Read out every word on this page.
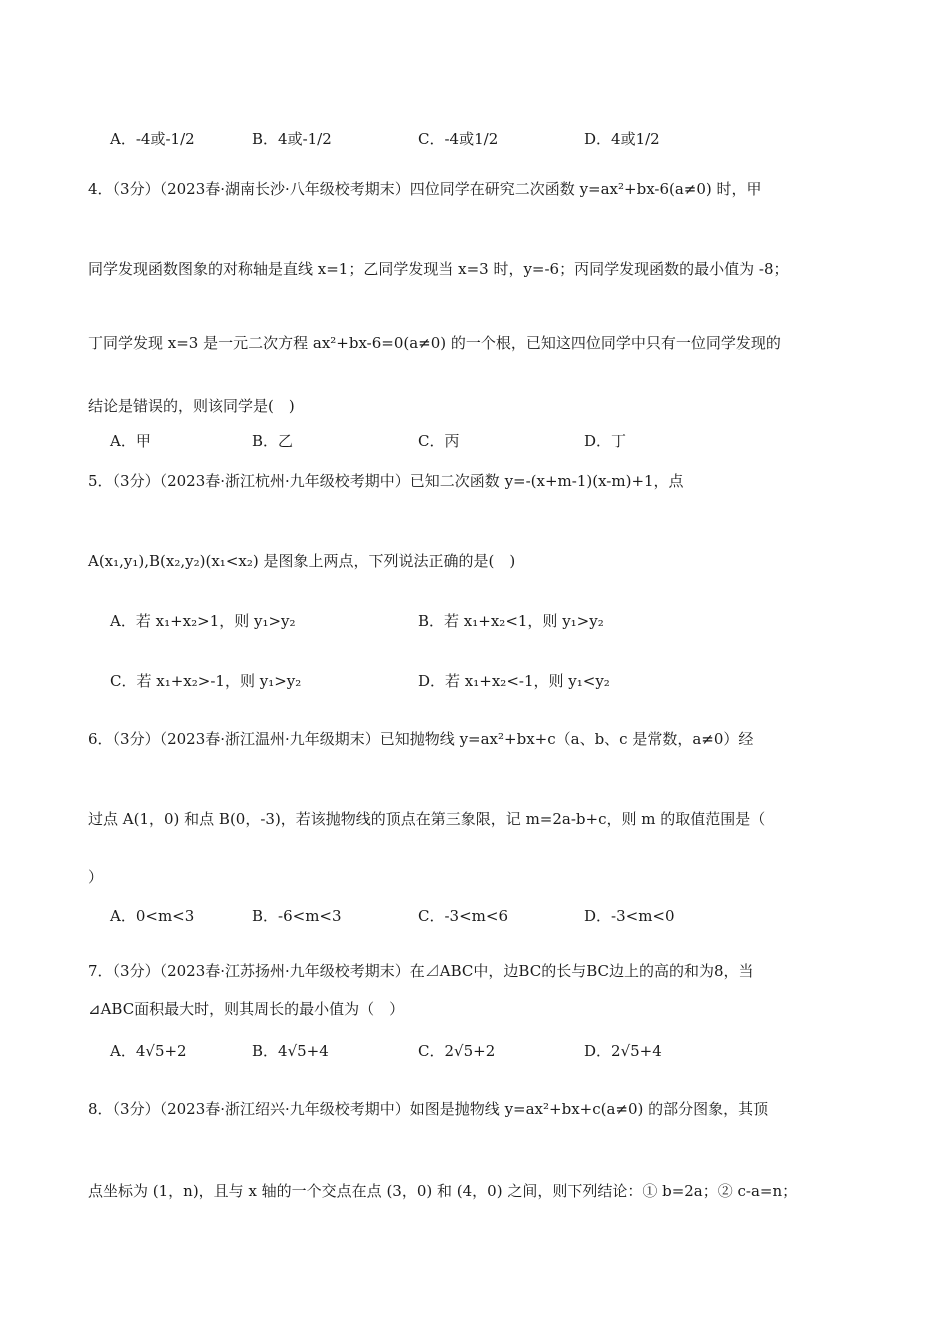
A．-4或-1/2	B．4或-1/2	C．-4或1/2	D．4或1/2
4．（3分）（2023春·湖南长沙·八年级校考期末）四位同学在研究二次函数 y=ax²+bx-6(a≠0) 时，甲
同学发现函数图象的对称轴是直线 x=1；乙同学发现当 x=3 时，y=-6；丙同学发现函数的最小值为 -8；
丁同学发现 x=3 是一元二次方程 ax²+bx-6=0(a≠0) 的一个根，已知这四位同学中只有一位同学发现的
结论是错误的，则该同学是(　)
A．甲	B．乙	C．丙	D．丁
5．（3分）（2023春·浙江杭州·九年级校考期中）已知二次函数 y=-(x+m-1)(x-m)+1，点
A(x₁,y₁),B(x₂,y₂)(x₁<x₂) 是图象上两点，下列说法正确的是(　)
A．若 x₁+x₂>1，则 y₁>y₂	B．若 x₁+x₂<1，则 y₁>y₂
C．若 x₁+x₂>-1，则 y₁>y₂	D．若 x₁+x₂<-1，则 y₁<y₂
6．（3分）（2023春·浙江温州·九年级期末）已知抛物线 y=ax²+bx+c（a、b、c 是常数，a≠0）经
过点 A(1，0) 和点 B(0，-3)，若该抛物线的顶点在第三象限，记 m=2a-b+c，则 m 的取值范围是（
）
A．0<m<3	B．-6<m<3	C．-3<m<6	D．-3<m<0
7．（3分）（2023春·江苏扬州·九年级校考期末）在⊿ABC中，边BC的长与BC边上的高的和为8，当
⊿ABC面积最大时，则其周长的最小值为（　）
A．4√5+2	B．4√5+4	C．2√5+2	D．2√5+4
8．（3分）（2023春·浙江绍兴·九年级校考期中）如图是抛物线 y=ax²+bx+c(a≠0) 的部分图象，其顶
点坐标为 (1，n)，且与 x 轴的一个交点在点 (3，0) 和 (4，0) 之间，则下列结论：① b=2a；② c-a=n；
